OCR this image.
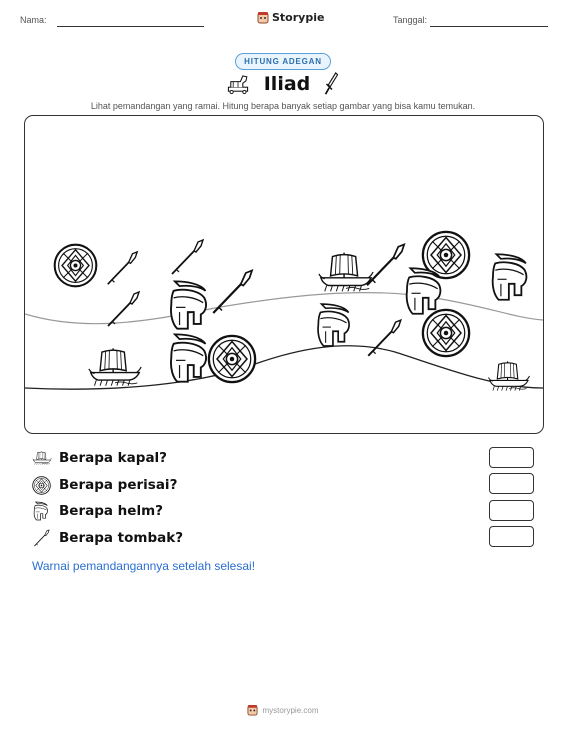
Nama:	Storypie	Tanggal:
HITUNG ADEGAN
Iliad
Lihat pemandangan yang ramai. Hitung berapa banyak setiap gambar yang bisa kamu temukan.
Berapa kapal?
Berapa perisai?
Berapa helm?
Berapa tombak?
Warnai pemandangannya setelah selesai!
mystorypie.com
